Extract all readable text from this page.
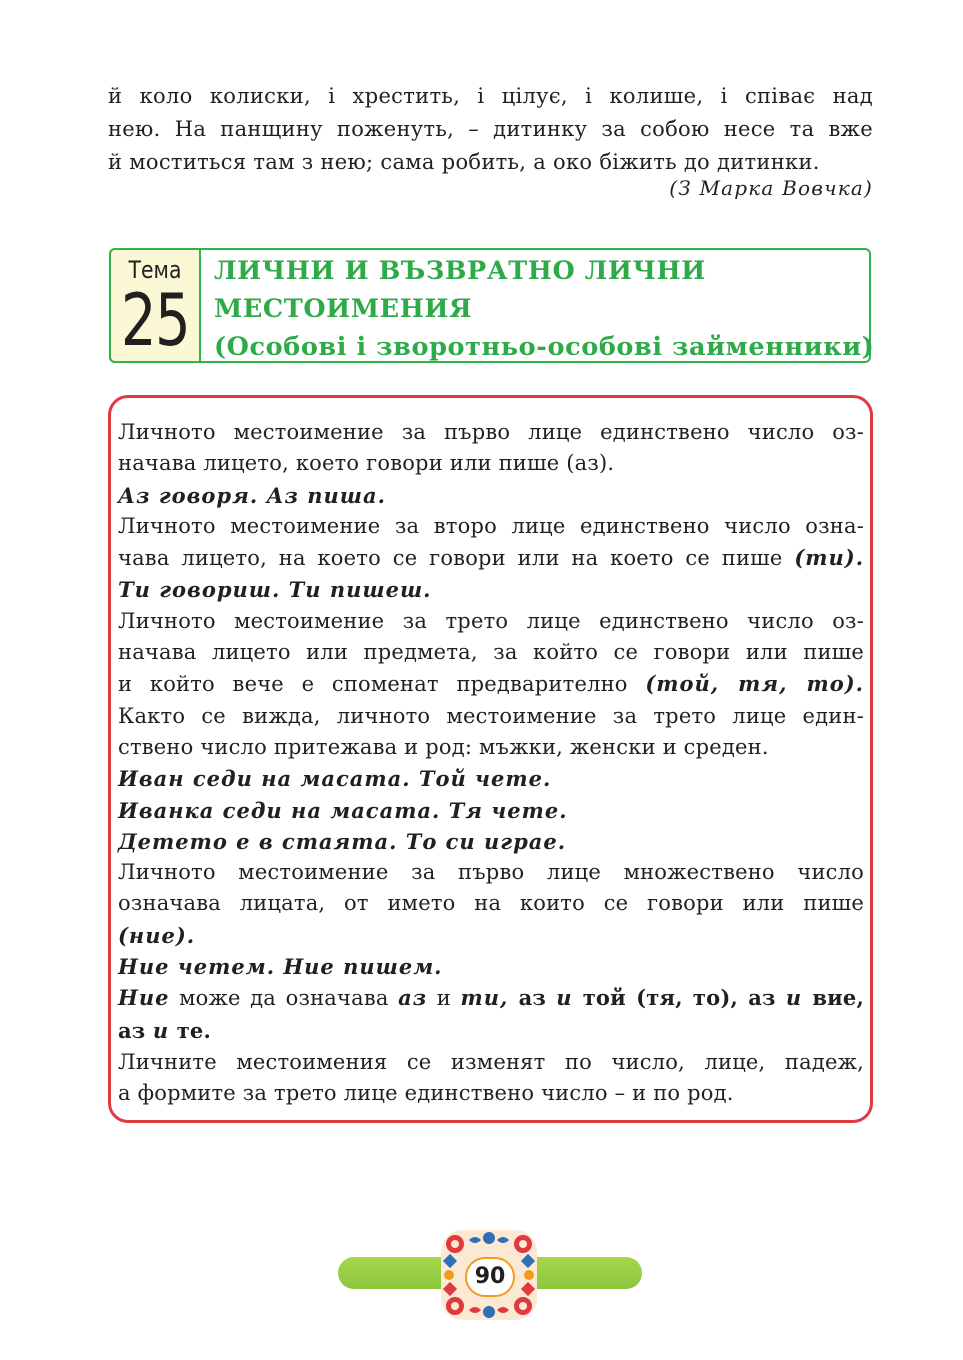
й коло колиски, і хрестить, і цілує, і колише, і співає над
нею. На панщину поженуть, – дитинку за собою несе та вже
й моститься там з нею; сама робить, а око біжить до дитинки.
(З Марка Вовчка)
Тема
25
ЛИЧНИ И ВЪЗВРАТНО ЛИЧНИ
МЕСТОИМЕНИЯ
(Особові і зворотньо-особові займенники)
Личното местоимение за първо лице единствено число оз-
начава лицето, което говори или пише (аз).
Аз говоря. Аз пиша.
Личното местоимение за второ лице единствено число озна-
чава лицето, на което се говори или на което се пише (ти).
Ти говориш. Ти пишеш.
Личното местоимение за трето лице единствено число оз-
начава лицето или предмета, за който се говори или пише
и който вече е споменат предварително (той, тя, то).
Както се вижда, личното местоимение за трето лице един-
ствено число притежава и род: мъжки, женски и среден.
Иван седи на масата. Той чете.
Иванка седи на масата. Тя чете.
Детето е в стаята. То си играе.
Личното местоимение за първо лице множествено число
означава лицата, от името на които се говори или пише
(ние).
Ние четем. Ние пишем.
Ние може да означава аз и ти, аз и той (тя, то), аз и вие,
аз и те.
Личните местоимения се изменят по число, лице, падеж,
а формите за трето лице единствено число – и по род.
90
